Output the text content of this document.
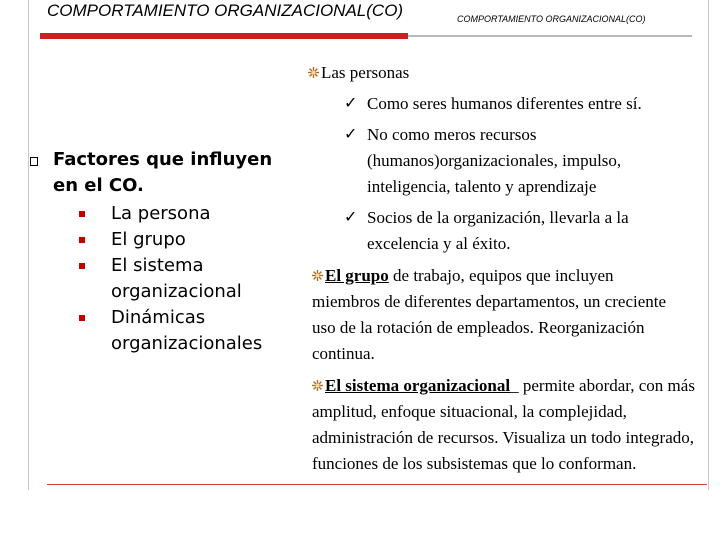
COMPORTAMIENTO ORGANIZACIONAL(CO)	COMPORTAMIENTO ORGANIZACIONAL(CO)
Factores que influyen en el CO.
La persona
El grupo
El sistema organizacional
Dinámicas organizacionales
Las personas
✓ Como seres humanos diferentes entre sí.
✓ No como meros recursos (humanos)organizacionales, impulso, inteligencia, talento y aprendizaje
✓ Socios de la organización, llevarla a la excelencia y al éxito.
El grupo de trabajo, equipos que incluyen miembros de diferentes departamentos, un creciente uso de la rotación de empleados. Reorganización continua.
El sistema organizacional_ permite abordar, con más amplitud, enfoque situacional, la complejidad, administración de recursos. Visualiza un todo integrado, funciones de los subsistemas que lo conforman.
